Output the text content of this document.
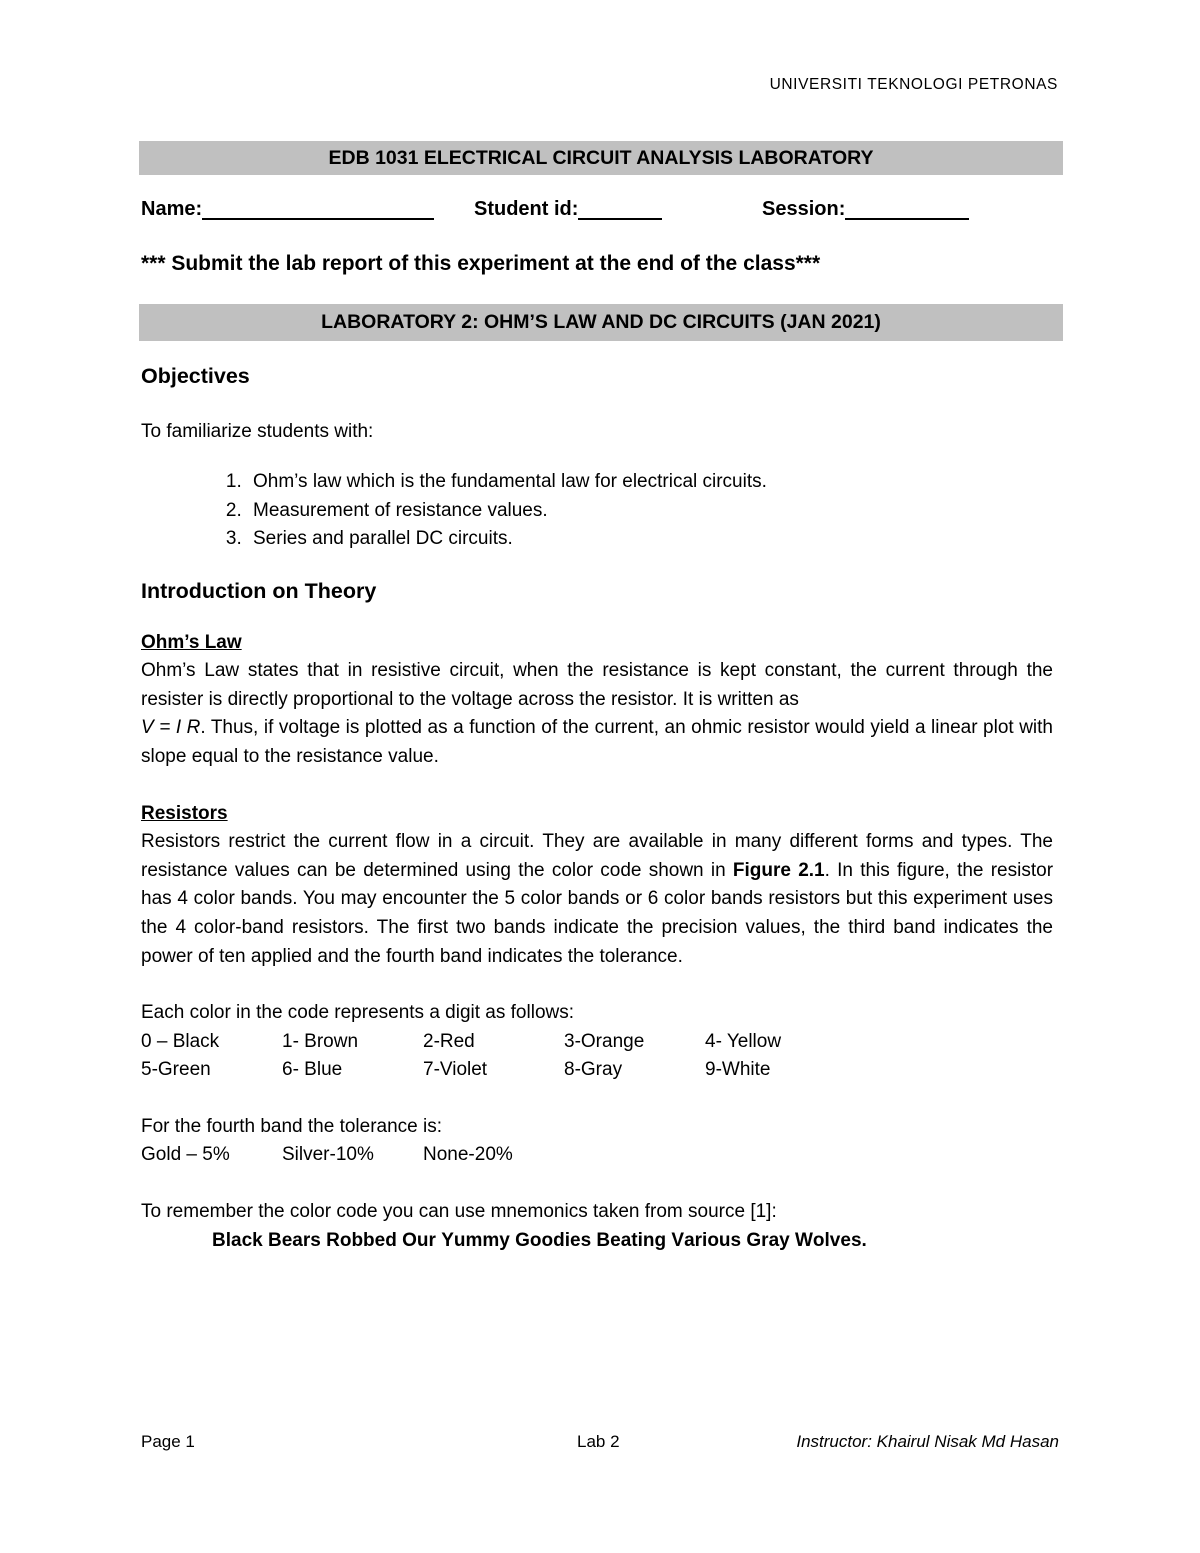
UNIVERSITI TEKNOLOGI PETRONAS
EDB 1031 ELECTRICAL CIRCUIT ANALYSIS LABORATORY
Name:	Student id:	Session:
*** Submit the lab report of this experiment at the end of the class***
LABORATORY 2: OHM’S LAW AND DC CIRCUITS (JAN 2021)

Objectives

To familiarize students with:

1. Ohm’s law which is the fundamental law for electrical circuits.
2. Measurement of resistance values.
3. Series and parallel DC circuits.

Introduction on Theory

Ohm’s Law

Ohm’s Law states that in resistive circuit, when the resistance is kept constant, the current through the resister is directly proportional to the voltage across the resistor. It is written as
V = I R. Thus, if voltage is plotted as a function of the current, an ohmic resistor would yield a linear plot with slope equal to the resistance value.

Resistors

Resistors restrict the current flow in a circuit. They are available in many different forms and types. The resistance values can be determined using the color code shown in Figure 2.1. In this figure, the resistor has 4 color bands. You may encounter the 5 color bands or 6 color bands resistors but this experiment uses the 4 color-band resistors. The first two bands indicate the precision values, the third band indicates the power of ten applied and the fourth band indicates the tolerance.

Each color in the code represents a digit as follows:

0 – Black	1- Brown	2-Red	3-Orange	4- Yellow
5-Green	6- Blue	7-Violet	8-Gray	9-White

For the fourth band the tolerance is:

Gold – 5%	Silver-10%	None-20%

To remember the color code you can use mnemonics taken from source [1]:

Black Bears Robbed Our Yummy Goodies Beating Various Gray Wolves.

Page 1	Lab 2	Instructor: Khairul Nisak Md Hasan
